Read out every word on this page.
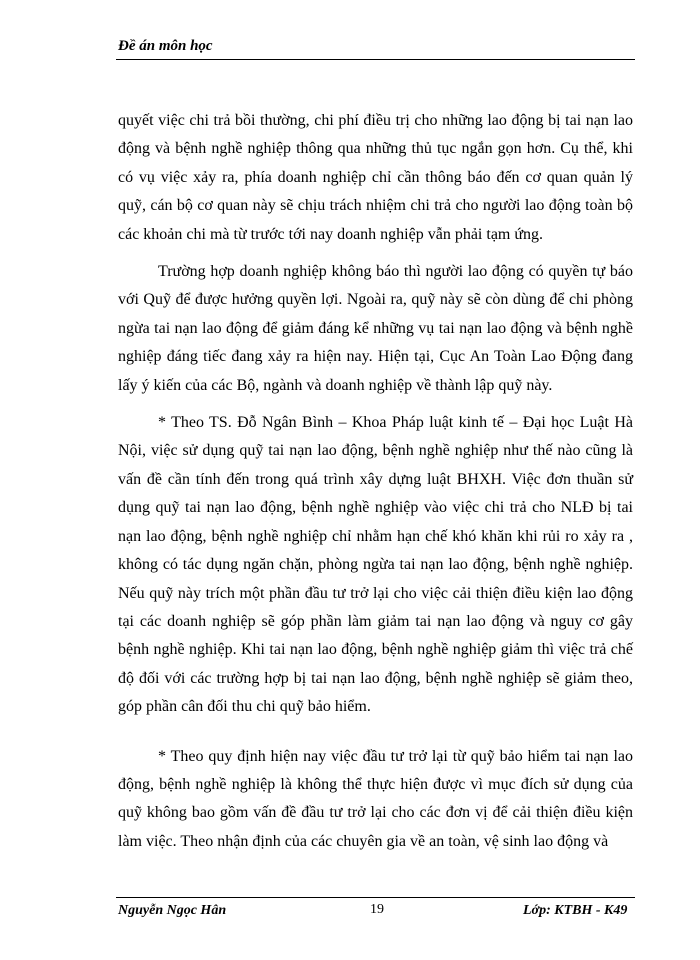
Đề án môn học

quyết việc chi trả bồi thường, chi phí điều trị cho những lao động bị tai nạn lao động và bệnh nghề nghiệp thông qua những thủ tục ngắn gọn hơn. Cụ thể, khi có vụ việc xảy ra, phía doanh nghiệp chỉ cần thông báo đến cơ quan quản lý quỹ, cán bộ cơ quan này sẽ chịu trách nhiệm chi trả cho người lao động toàn bộ các khoản chi mà từ trước tới nay doanh nghiệp vẫn phải tạm ứng.

Trường hợp doanh nghiệp không báo thì người lao động có quyền tự báo với Quỹ để được hưởng quyền lợi. Ngoài ra, quỹ này sẽ còn dùng để chi phòng ngừa tai nạn lao động để giảm đáng kể những vụ tai nạn lao động và bệnh nghề nghiệp đáng tiếc đang xảy ra hiện nay. Hiện tại, Cục An Toàn Lao Động đang lấy ý kiến của các Bộ, ngành và doanh nghiệp về thành lập quỹ này.

* Theo TS. Đỗ Ngân Bình – Khoa Pháp luật kinh tế – Đại học Luật Hà Nội, việc sử dụng quỹ tai nạn lao động, bệnh nghề nghiệp như thế nào cũng là vấn đề cần tính đến trong quá trình xây dựng luật BHXH. Việc đơn thuần sử dụng quỹ tai nạn lao động, bệnh nghề nghiệp vào việc chi trả cho NLĐ bị tai nạn lao động, bệnh nghề nghiệp chỉ nhằm hạn chế khó khăn khi rủi ro xảy ra , không có tác dụng ngăn chặn, phòng ngừa tai nạn lao động, bệnh nghề nghiệp. Nếu quỹ này trích một phần đầu tư trở lại cho việc cải thiện điều kiện lao động tại các doanh nghiệp sẽ góp phần làm giảm tai nạn lao động và nguy cơ gây bệnh nghề nghiệp. Khi tai nạn lao động, bệnh nghề nghiệp giảm thì việc trả chế độ đối với các trường hợp bị tai nạn lao động, bệnh nghề nghiệp sẽ giảm theo, góp phần cân đối thu chi quỹ bảo hiểm.

* Theo quy định hiện nay việc đầu tư trở lại từ quỹ bảo hiểm tai nạn lao động, bệnh nghề nghiệp là không thể thực hiện được vì mục đích sử dụng của quỹ không bao gồm vấn đề đầu tư trở lại cho các đơn vị để cải thiện điều kiện làm việc. Theo nhận định của các chuyên gia về an toàn, vệ sinh lao động và

Nguyễn Ngọc Hân	19	Lớp: KTBH - K49
